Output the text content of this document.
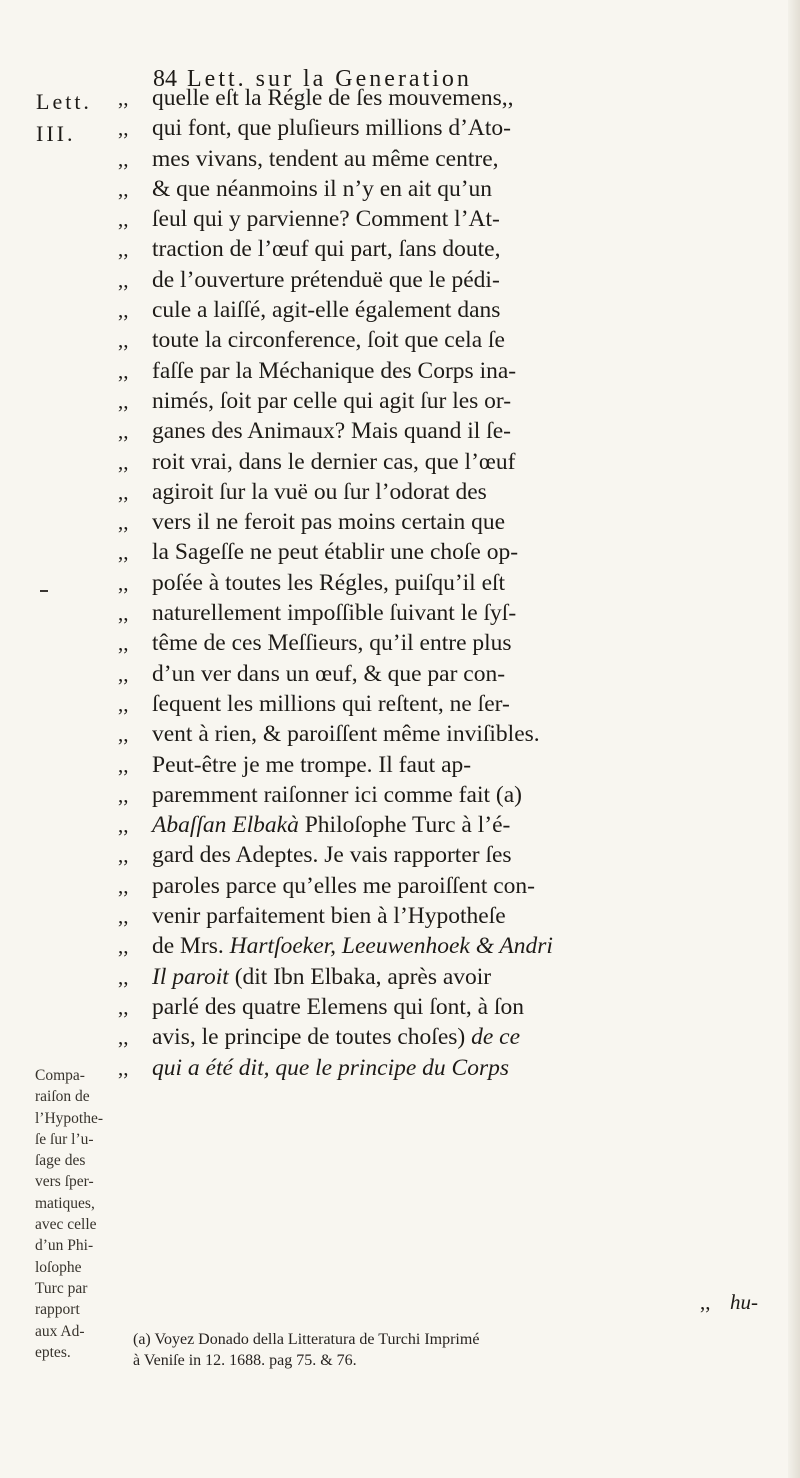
84 Lett. sur la Generation
Lett.
III.
,, quelle eſt la Régle de ſes mouvemens,,
,, qui font, que pluſieurs millions d’Ato-
,, mes vivans, tendent au même centre,
,, & que néanmoins il n’y en ait qu’un
,, ſeul qui y parvienne? Comment l’At-
,, traction de l’œuf qui part, ſans doute,
,, de l’ouverture prétenduë que le pédi-
,, cule a laiſſé, agit-elle également dans
,, toute la circonference, ſoit que cela ſe
,, faſſe par la Méchanique des Corps ina-
,, nimés, ſoit par celle qui agit ſur les or-
,, ganes des Animaux? Mais quand il ſe-
,, roit vrai, dans le dernier cas, que l’œuf
,, agiroit ſur la vuë ou ſur l’odorat des
,, vers il ne feroit pas moins certain que
,, la Sageſſe ne peut établir une choſe op-
,, poſée à toutes les Régles, puiſqu’il eſt
,, naturellement impoſſible ſuivant le ſyſ-
,, tême de ces Meſſieurs, qu’il entre plus
,, d’un ver dans un œuf, & que par con-
,, ſequent les millions qui reſtent, ne ſer-
,, vent à rien, & paroiſſent même inviſibles.
,, Peut-être je me trompe. Il faut ap-
,, paremment raiſonner ici comme fait (a)
,, Abaſſan Elbakà Philoſophe Turc à l’é-
,, gard des Adeptes. Je vais rapporter ſes
,, paroles parce qu’elles me paroiſſent con-
,, venir parfaitement bien à l’Hypotheſe
,, de Mrs. Hartſoeker, Leeuwenhoek & Andri
,, Il paroit (dit Ibn Elbaka, après avoir
,, parlé des quatre Elemens qui ſont, à ſon
,, avis, le principe de toutes choſes) de ce
,, qui a été dit, que le principe du Corps
Compa-
raiſon de
l’Hypothe-
ſe ſur l’u-
ſage des
vers ſper-
matiques,
avec celle
d’un Phi-
loſophe
Turc par
rapport
aux Ad-
eptes.
,, hu-
(a) Voyez Donado della Litteratura de Turchi Imprimé
à Veniſe in 12. 1688. pag 75. & 76.
